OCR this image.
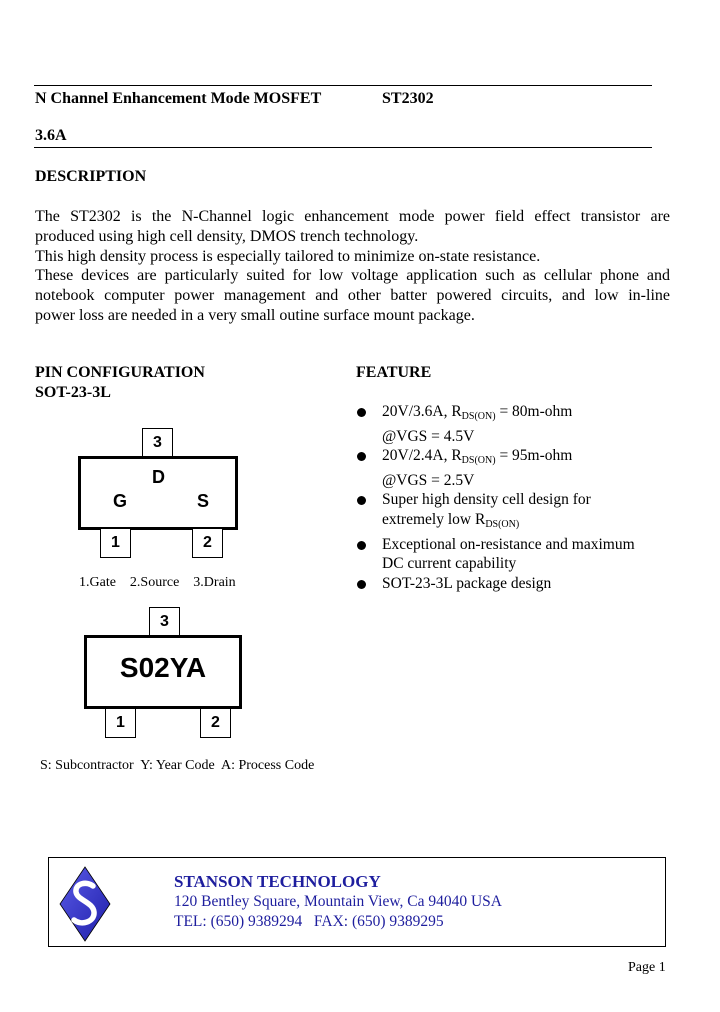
N Channel Enhancement Mode MOSFET	ST2302
3.6A
DESCRIPTION
The ST2302 is the N-Channel logic enhancement mode power field effect transistor are
produced using high cell density, DMOS trench technology.
This high density process is especially tailored to minimize on-state resistance.
These devices are particularly suited for low voltage application such as cellular phone and
notebook computer power management and other batter powered circuits, and low in-line
power loss are needed in a very small outine surface mount package.
PIN CONFIGURATION
SOT-23-3L
3
D
G	S
1	2
1.Gate    2.Source    3.Drain
3
S02YA
1	2
S: Subcontractor  Y: Year Code  A: Process Code
FEATURE
20V/3.6A, $R_{DS(ON)} = 80m-ohm$
@VGS = 4.5V
20V/2.4A, $R_{DS(ON)} = 95m-ohm$
@VGS = 2.5V
Super high density cell design for
extremely low $R_{DS(ON)}$
Exceptional on-resistance and maximum
DC current capability
SOT-23-3L package design
STANSON TECHNOLOGY
120 Bentley Square, Mountain View, Ca 94040 USA
TEL: (650) 9389294   FAX: (650) 9389295
Page 1
